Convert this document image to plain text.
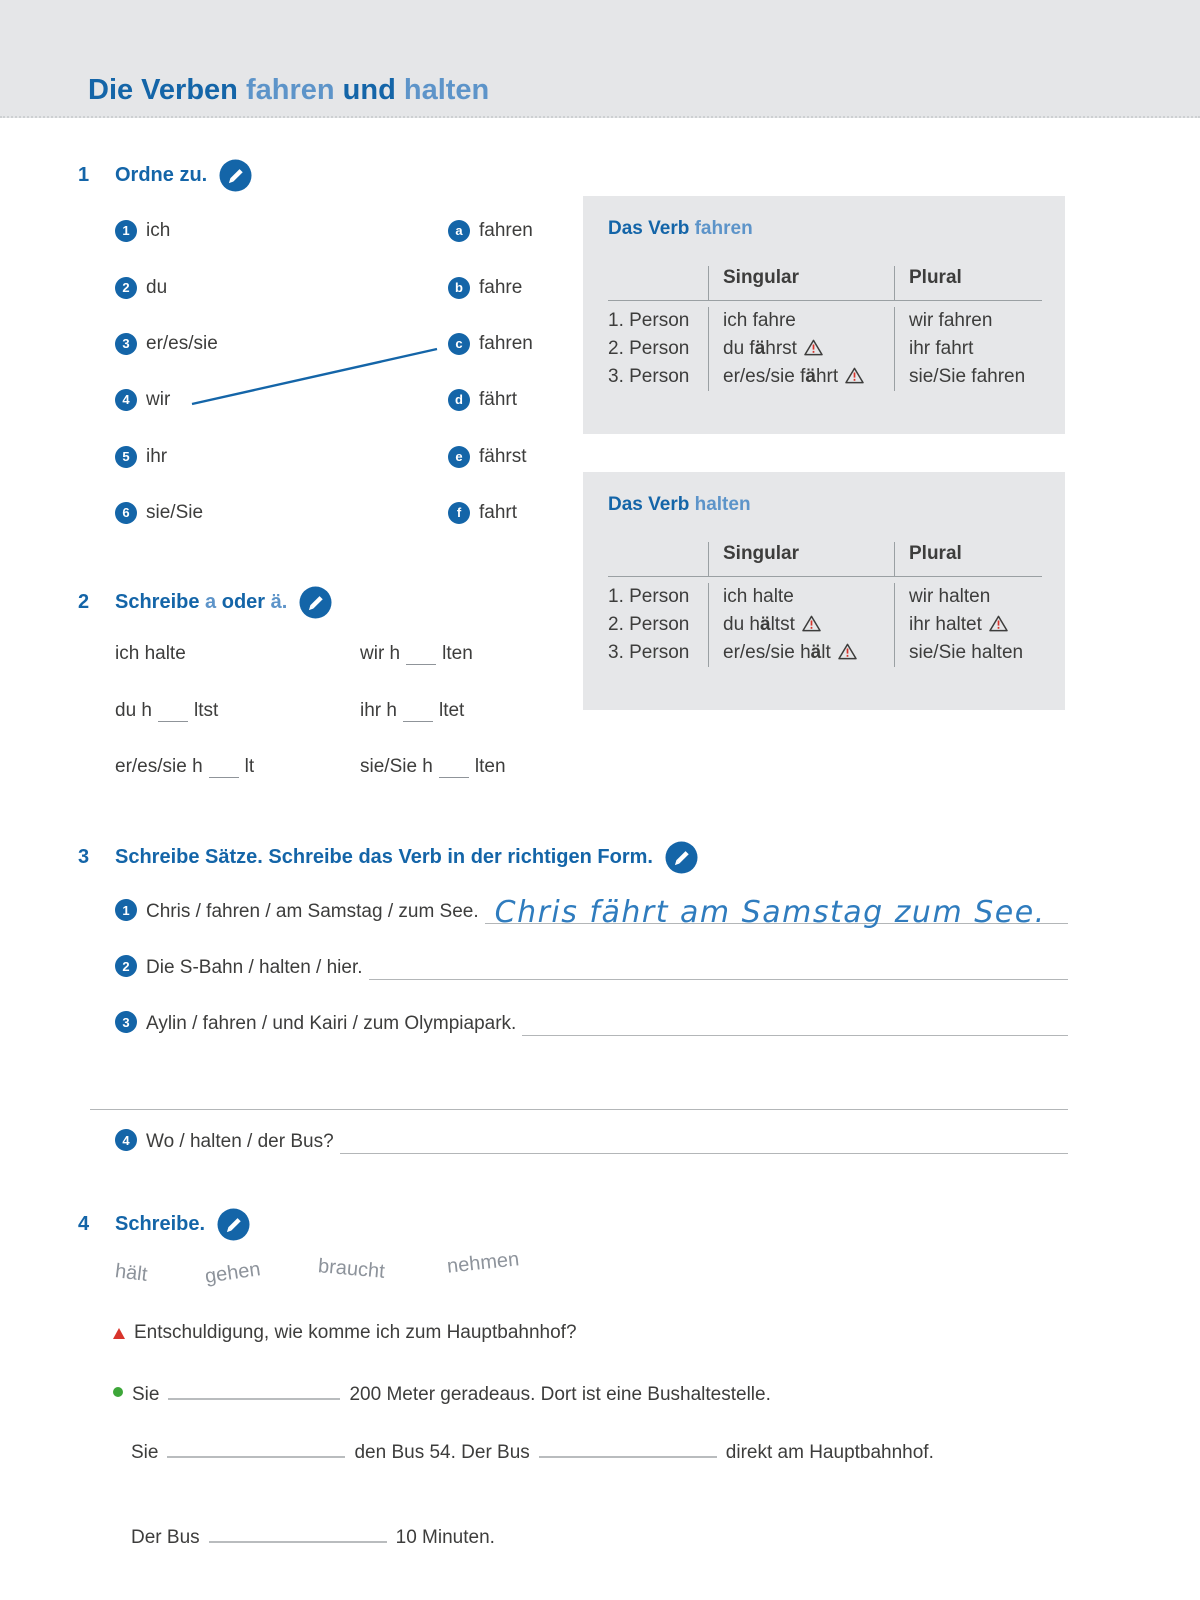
Die Verben fahren und halten
1	Ordne zu.
1 ich
2 du
3 er/es/sie
4 wir
5 ihr
6 sie/Sie
a fahren
b fahre
c fahren
d fährt
e fährst
f fahrt
Das Verb fahren
Singular	Plural
1. Person	ich fahre	wir fahren
2. Person	du fährst	ihr fahrt
3. Person	er/es/sie fährt	sie/Sie fahren
Das Verb halten
Singular	Plural
1. Person	ich halte	wir halten
2. Person	du hältst	ihr haltet
3. Person	er/es/sie hält	sie/Sie halten
2	Schreibe a oder ä.
ich halte	wir h lten
du h ltst	ihr h ltet
er/es/sie h lt	sie/Sie h lten
3	Schreibe Sätze. Schreibe das Verb in der richtigen Form.
1 Chris / fahren / am Samstag / zum See. Chris fährt am Samstag zum See.
2 Die S-Bahn / halten / hier.
3 Aylin / fahren / und Kairi / zum Olympiapark.
4 Wo / halten / der Bus?
4	Schreibe.
hält	gehen	braucht	nehmen
Entschuldigung, wie komme ich zum Hauptbahnhof?
Sie	200 Meter geradeaus. Dort ist eine Bushaltestelle.
Sie	den Bus 54. Der Bus	direkt am Hauptbahnhof.
Der Bus	10 Minuten.
